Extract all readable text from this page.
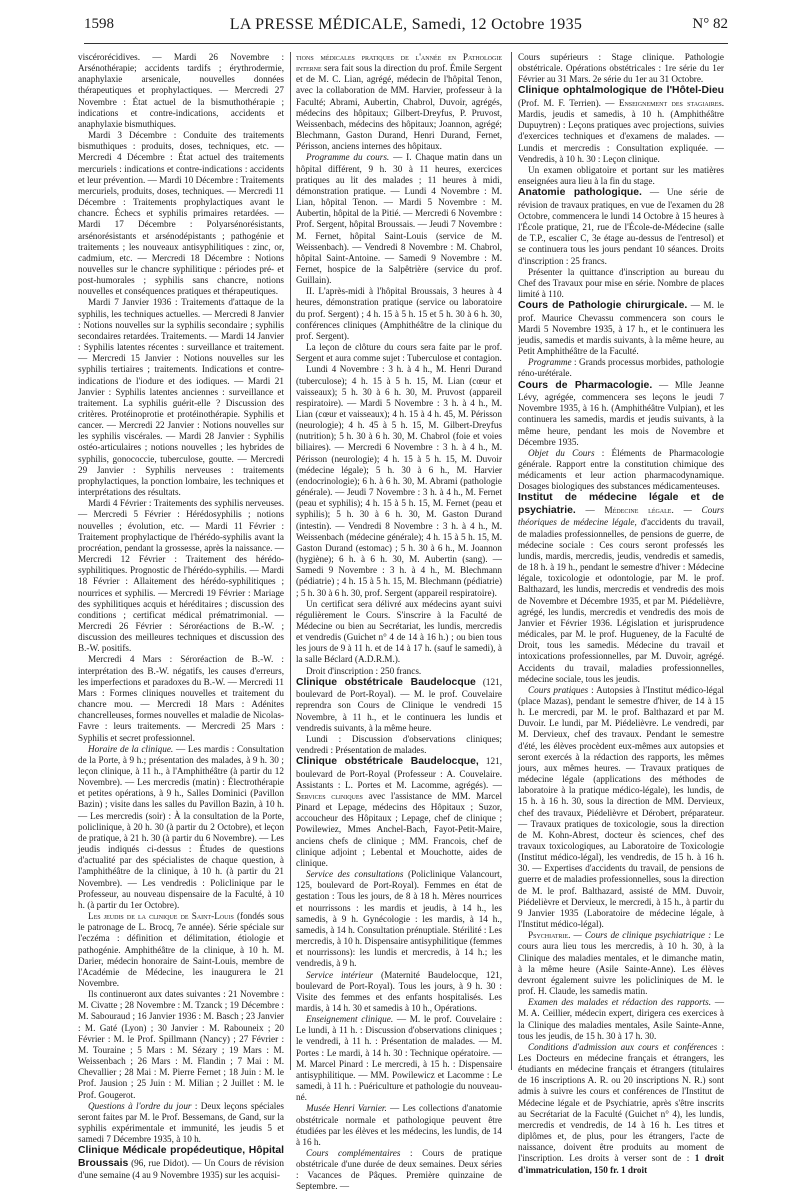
1598	LA PRESSE MÉDICALE, Samedi, 12 Octobre 1935	N° 82

viscérorécidives. — Mardi 26 Novembre : Arsénothérapie; accidents tardifs ; érythrodermie, anaphylaxie arsenicale, nouvelles données thérapeutiques et prophylactiques. — Mercredi 27 Novembre : État actuel de la bismuthothérapie ; indications et contre-indications, accidents et anaphylaxie bismuthiques.

Mardi 3 Décembre : Conduite des traitements bismuthiques : produits, doses, techniques, etc. — Mercredi 4 Décembre : État actuel des traitements mercuriels : indications et contre-indications : accidents et leur prévention. — Mardi 10 Décembre : Traitements mercuriels, produits, doses, techniques. — Mercredi 11 Décembre : Traitements prophylactiques avant le chancre. Échecs et syphilis primaires retardées. — Mardi 17 Décembre : Polyarsénorésistants, arsénorésistants et arsénodépistants ; pathogénie et traitements ; les nouveaux antisyphilitiques : zinc, or, cadmium, etc. — Mercredi 18 Décembre : Notions nouvelles sur le chancre syphilitique : périodes pré- et post-humorales ; syphilis sans chancre, notions nouvelles et conséquences pratiques et thérapeutiques.

Mardi 7 Janvier 1936 : Traitements d'attaque de la syphilis, les techniques actuelles. — Mercredi 8 Janvier : Notions nouvelles sur la syphilis secondaire ; syphilis secondaires retardées. Traitements. — Mardi 14 Janvier : Syphilis latentes récentes : surveillance et traitement. — Mercredi 15 Janvier : Notions nouvelles sur les syphilis tertiaires ; traitements. Indications et contre-indications de l'iodure et des iodiques. — Mardi 21 Janvier : Syphilis latentes anciennes : surveillance et traitement. La syphilis guérit-elle ? Discussion des critères. Protéinoprotie et protéinothérapie. Syphilis et cancer. — Mercredi 22 Janvier : Notions nouvelles sur les syphilis viscérales. — Mardi 28 Janvier : Syphilis ostéo-articulaires ; notions nouvelles ; les hybrides de syphilis, gonococcie, tuberculose, goutte. — Mercredi 29 Janvier : Syphilis nerveuses : traitements prophylactiques, la ponction lombaire, les techniques et interprétations des résultats.

Mardi 4 Février : Traitements des syphilis nerveuses. — Mercredi 5 Février : Hérédosyphilis ; notions nouvelles ; évolution, etc. — Mardi 11 Février : Traitement prophylactique de l'hérédo-syphilis avant la procréation, pendant la grossesse, après la naissance. — Mercredi 12 Février : Traitement des hérédo-syphilitiques. Prognostic de l'hérédo-syphilis. — Mardi 18 Février : Allaitement des hérédo-syphilitiques ; nourrices et syphilis. — Mercredi 19 Février : Mariage des syphilitiques acquis et héréditaires ; discussion des conditions ; certificat médical prématrimonial. — Mercredi 26 Février : Séroréactions de B.-W. ; discussion des meilleures techniques et discussion des B.-W. positifs.

Mercredi 4 Mars : Séroréaction de B.-W. : interprétation des B.-W. négatifs, les causes d'erreurs, les imperfections et paradoxes du B.-W. — Mercredi 11 Mars : Formes cliniques nouvelles et traitement du chancre mou. — Mercredi 18 Mars : Adénites chancrelleuses, formes nouvelles et maladie de Nicolas-Favre : leurs traitements. — Mercredi 25 Mars : Syphilis et secret professionnel.

Horaire de la clinique. — Les mardis : Consultation de la Porte, à 9 h.; présentation des malades, à 9 h. 30 ; leçon clinique, à 11 h., à l'Amphithéâtre (à partir du 12 Novembre). — Les mercredis (matin) : Électrothérapie et petites opérations, à 9 h., Salles Dominici (Pavillon Bazin) ; visite dans les salles du Pavillon Bazin, à 10 h. — Les mercredis (soir) : À la consultation de la Porte, policlinique, à 20 h. 30 (à partir du 2 Octobre), et leçon de pratique, à 21 h. 30 (à partir du 6 Novembre). — Les jeudis indiqués ci-dessus : Études de questions d'actualité par des spécialistes de chaque question, à l'amphithéâtre de la clinique, à 10 h. (à partir du 21 Novembre). — Les vendredis : Policlinique par le Professeur, au nouveau dispensaire de la Faculté, à 10 h. (à partir du 1er Octobre).

Les jeudis de la clinique de Saint-Louis (fondés sous le patronage de L. Brocq, 7e année). Série spéciale sur l'eczéma : définition et délimitation, étiologie et pathogénie. Amphithéâtre de la clinique, à 10 h. M. Darier, médecin honoraire de Saint-Louis, membre de l'Académie de Médecine, les inaugurera le 21 Novembre.

Ils continueront aux dates suivantes : 21 Novembre : M. Civatte ; 28 Novembre : M. Tzanck ; 19 Décembre : M. Sabouraud ; 16 Janvier 1936 : M. Basch ; 23 Janvier : M. Gaté (Lyon) ; 30 Janvier : M. Rabouneix ; 20 Février : M. le Prof. Spillmann (Nancy) ; 27 Février : M. Touraine ; 5 Mars : M. Sézary ; 19 Mars : M. Weissenbach ; 26 Mars : M. Flandin ; 7 Mai : M. Chevallier ; 28 Mai : M. Pierre Fernet ; 18 Juin : M. le Prof. Jausion ; 25 Juin : M. Milian ; 2 Juillet : M. le Prof. Gougerot.

Questions à l'ordre du jour : Deux leçons spéciales seront faites par M. le Prof. Bessemans, de Gand, sur la syphilis expérimentale et immunité, les jeudis 5 et samedi 7 Décembre 1935, à 10 h.

Clinique Médicale propédeutique, Hôpital Broussais (96, rue Didot). — Un Cours de révision d'une semaine (4 au 9 Novembre 1935) sur les acquisi-

tions médicales pratiques de l'année en Pathologie interne sera fait sous la direction du prof. Émile Sergent et de M. C. Lian, agrégé, médecin de l'hôpital Tenon, avec la collaboration de MM. Harvier, professeur à la Faculté; Abrami, Aubertin, Chabrol, Duvoir, agrégés, médecins des hôpitaux; Gilbert-Dreyfus, P. Pruvost, Weissenbach, médecins des hôpitaux; Joannon, agrégé; Blechmann, Gaston Durand, Henri Durand, Fernet, Périsson, anciens internes des hôpitaux.

Programme du cours. — I. Chaque matin dans un hôpital différent, 9 h. 30 à 11 heures, exercices pratiques au lit des malades ; 11 heures à midi, démonstration pratique. — Lundi 4 Novembre : M. Lian, hôpital Tenon. — Mardi 5 Novembre : M. Aubertin, hôpital de la Pitié. — Mercredi 6 Novembre : Prof. Sergent, hôpital Broussais. — Jeudi 7 Novembre : M. Fernet, hôpital Saint-Louis (service de M. Weissenbach). — Vendredi 8 Novembre : M. Chabrol, hôpital Saint-Antoine. — Samedi 9 Novembre : M. Fernet, hospice de la Salpêtrière (service du prof. Guillain).

II. L'après-midi à l'hôpital Broussais, 3 heures à 4 heures, démonstration pratique (service ou laboratoire du prof. Sergent) ; 4 h. 15 à 5 h. 15 et 5 h. 30 à 6 h. 30, conférences cliniques (Amphithéâtre de la clinique du prof. Sergent).

La leçon de clôture du cours sera faite par le prof. Sergent et aura comme sujet : Tuberculose et contagion.

Lundi 4 Novembre : 3 h. à 4 h., M. Henri Durand (tuberculose); 4 h. 15 à 5 h. 15, M. Lian (cœur et vaisseaux); 5 h. 30 à 6 h. 30, M. Pruvost (appareil respiratoire). — Mardi 5 Novembre : 3 h. à 4 h., M. Lian (cœur et vaisseaux); 4 h. 15 à 4 h. 45, M. Périsson (neurologie); 4 h. 45 à 5 h. 15, M. Gilbert-Dreyfus (nutrition); 5 h. 30 à 6 h. 30, M. Chabrol (foie et voies biliaires). — Mercredi 6 Novembre : 3 h. à 4 h., M. Périsson (neurologie); 4 h. 15 à 5 h. 15, M. Duvoir (médecine légale); 5 h. 30 à 6 h., M. Harvier (endocrinologie); 6 h. à 6 h. 30, M. Abrami (pathologie générale). — Jeudi 7 Novembre : 3 h. à 4 h., M. Fernet (peau et syphilis); 4 h. 15 à 5 h. 15, M. Fernet (peau et syphilis); 5 h. 30 à 6 h. 30, M. Gaston Durand (intestin). — Vendredi 8 Novembre : 3 h. à 4 h., M. Weissenbach (médecine générale); 4 h. 15 à 5 h. 15, M. Gaston Durand (estomac) ; 5 h. 30 à 6 h., M. Joannon (hygiène); 6 h. à 6 h. 30, M. Aubertin (sang). — Samedi 9 Novembre : 3 h. à 4 h., M. Blechmann (pédiatrie) ; 4 h. 15 à 5 h. 15, M. Blechmann (pédiatrie) ; 5 h. 30 à 6 h. 30, prof. Sergent (appareil respiratoire).

Un certificat sera délivré aux médecins ayant suivi régulièrement le Cours. S'inscrire à la Faculté de Médecine ou bien au Secrétariat, les lundis, mercredis et vendredis (Guichet n° 4 de 14 à 16 h.) ; ou bien tous les jours de 9 à 11 h. et de 14 à 17 h. (sauf le samedi), à la salle Béclard (A.D.R.M.).

Droit d'inscription : 250 francs.

Clinique obstétricale Baudelocque (121, boulevard de Port-Royal). — M. le prof. Couvelaire reprendra son Cours de Clinique le vendredi 15 Novembre, à 11 h., et le continuera les lundis et vendredis suivants, à la même heure.

Lundi : Discussion d'observations cliniques; vendredi : Présentation de malades.

Clinique obstétricale Baudelocque, 121, boulevard de Port-Royal (Professeur : A. Couvelaire. Assistants : L. Portes et M. Lacomme, agrégés). — Services cliniques avec l'assistance de MM. Marcel Pinard et Lepage, médecins des Hôpitaux ; Suzor, accoucheur des Hôpitaux ; Lepage, chef de clinique ; Powilewiez, Mmes Anchel-Bach, Fayot-Petit-Maire, anciens chefs de clinique ; MM. Francois, chef de clinique adjoint ; Lebental et Mouchotte, aides de clinique.

Service des consultations (Policlinique Valancourt, 125, boulevard de Port-Royal). Femmes en état de gestation : Tous les jours, de 8 à 18 h. Mères nourrices et nourrissons : les mardis et jeudis, à 14 h., les samedis, à 9 h. Gynécologie : les mardis, à 14 h., samedis, à 14 h. Consultation prénuptiale. Stérilité : Les mercredis, à 10 h. Dispensaire antisyphilitique (femmes et nourrissons): les lundis et mercredis, à 14 h.; les vendredis, à 9 h.

Service intérieur (Maternité Baudelocque, 121, boulevard de Port-Royal). Tous les jours, à 9 h. 30 : Visite des femmes et des enfants hospitalisés. Les mardis, à 14 h. 30 et samedis à 10 h., Opérations.

Enseignement clinique. — M. le prof. Couvelaire : Le lundi, à 11 h. : Discussion d'observations cliniques ; le vendredi, à 11 h. : Présentation de malades. — M. Portes : Le mardi, à 14 h. 30 : Technique opératoire. — M. Marcel Pinard : Le mercredi, à 15 h. : Dispensaire antisyphilitique. — MM. Powilewicz et Lacomme : Le samedi, à 11 h. : Puériculture et pathologie du nouveau-né.

Musée Henri Varnier. — Les collections d'anatomie obstétricale normale et pathologique peuvent être étudiées par les élèves et les médecins, les lundis, de 14 à 16 h.

Cours complémentaires : Cours de pratique obstétricale d'une durée de deux semaines. Deux séries : Vacances de Pâques. Première quinzaine de Septembre. —

Cours supérieurs : Stage clinique. Pathologie obstétricale. Opérations obstétricales : 1re série du 1er Février au 31 Mars. 2e série du 1er au 31 Octobre.

Clinique ophtalmologique de l'Hôtel-Dieu (Prof. M. F. Terrien). — Enseignement des stagiaires. Mardis, jeudis et samedis, à 10 h. (Amphithéâtre Dupuytren) : Leçons pratiques avec projections, suivies d'exercices techniques et d'examens de malades. — Lundis et mercredis : Consultation expliquée. — Vendredis, à 10 h. 30 : Leçon clinique.

Un examen obligatoire et portant sur les matières enseignées aura lieu à la fin du stage.

Anatomie pathologique. — Une série de révision de travaux pratiques, en vue de l'examen du 28 Octobre, commencera le lundi 14 Octobre à 15 heures à l'École pratique, 21, rue de l'École-de-Médecine (salle de T.P., escalier C, 3e étage au-dessus de l'entresol) et se continuera tous les jours pendant 10 séances. Droits d'inscription : 25 francs.

Présenter la quittance d'inscription au bureau du Chef des Travaux pour mise en série. Nombre de places limité à 110.

Cours de Pathologie chirurgicale. — M. le prof. Maurice Chevassu commencera son cours le Mardi 5 Novembre 1935, à 17 h., et le continuera les jeudis, samedis et mardis suivants, à la même heure, au Petit Amphithéâtre de la Faculté.

Programme : Grands processus morbides, pathologie réno-urétérale.

Cours de Pharmacologie. — Mlle Jeanne Lévy, agrégée, commencera ses leçons le jeudi 7 Novembre 1935, à 16 h. (Amphithéâtre Vulpian), et les continuera les samedis, mardis et jeudis suivants, à la même heure, pendant les mois de Novembre et Décembre 1935.

Objet du Cours : Éléments de Pharmacologie générale. Rapport entre la constitution chimique des médicaments et leur action pharmacodynamique. Dosages biologiques des substances médicamenteuses.

Institut de médecine légale et de psychiatrie. — Médecine légale. — Cours théoriques de médecine légale, d'accidents du travail, de maladies professionnelles, de pensions de guerre, de médecine sociale : Ces cours seront professés les lundis, mardis, mercredis, jeudis, vendredis et samedis, de 18 h. à 19 h., pendant le semestre d'hiver : Médecine légale, toxicologie et odontologie, par M. le prof. Balthazard, les lundis, mercredis et vendredis des mois de Novembre et Décembre 1935, et par M. Piédelièvre, agrégé, les lundis, mercredis et vendredis des mois de Janvier et Février 1936. Législation et jurisprudence médicales, par M. le prof. Hugueney, de la Faculté de Droit, tous les samedis. Médecine du travail et intoxications professionnelles, par M. Duvoir, agrégé. Accidents du travail, maladies professionnelles, médecine sociale, tous les jeudis.

Cours pratiques : Autopsies à l'Institut médico-légal (place Mazas), pendant le semestre d'hiver, de 14 à 15 h. Le mercredi, par M. le prof. Balthazard et par M. Duvoir. Le lundi, par M. Piédelièvre. Le vendredi, par M. Dervieux, chef des travaux. Pendant le semestre d'été, les élèves procèdent eux-mêmes aux autopsies et seront exercés à la rédaction des rapports, les mêmes jours, aux mêmes heures. — Travaux pratiques de médecine légale (applications des méthodes de laboratoire à la pratique médico-légale), les lundis, de 15 h. à 16 h. 30, sous la direction de MM. Dervieux, chef des travaux, Piédelièvre et Dérobert, préparateur. — Travaux pratiques de toxicologie, sous la direction de M. Kohn-Abrest, docteur ès sciences, chef des travaux toxicologiques, au Laboratoire de Toxicologie (Institut médico-légal), les vendredis, de 15 h. à 16 h. 30. — Expertises d'accidents du travail, de pensions de guerre et de maladies professionnelles, sous la direction de M. le prof. Balthazard, assisté de MM. Duvoir, Piédelièvre et Dervieux, le mercredi, à 15 h., à partir du 9 Janvier 1935 (Laboratoire de médecine légale, à l'Institut médico-légal).

Psychiatrie. — Cours de clinique psychiatrique : Le cours aura lieu tous les mercredis, à 10 h. 30, à la Clinique des maladies mentales, et le dimanche matin, à la même heure (Asile Sainte-Anne). Les élèves devront également suivre les policliniques de M. le prof. H. Claude, les samedis matin.

Examen des malades et rédaction des rapports. — M. A. Ceillier, médecin expert, dirigera ces exercices à la Clinique des maladies mentales, Asile Sainte-Anne, tous les jeudis, de 15 h. 30 à 17 h. 30.

Conditions d'admission aux cours et conférences : Les Docteurs en médecine français et étrangers, les étudiants en médecine français et étrangers (titulaires de 16 inscriptions A. R. ou 20 inscriptions N. R.) sont admis à suivre les cours et conférences de l'Institut de Médecine légale et de Psychiatrie, après s'être inscrits au Secrétariat de la Faculté (Guichet n° 4), les lundis, mercredis et vendredis, de 14 à 16 h. Les titres et diplômes et, de plus, pour les étrangers, l'acte de naissance, doivent être produits au moment de l'inscription. Les droits à verser sont de : 1 droit d'immatriculation, 150 fr. 1 droit
